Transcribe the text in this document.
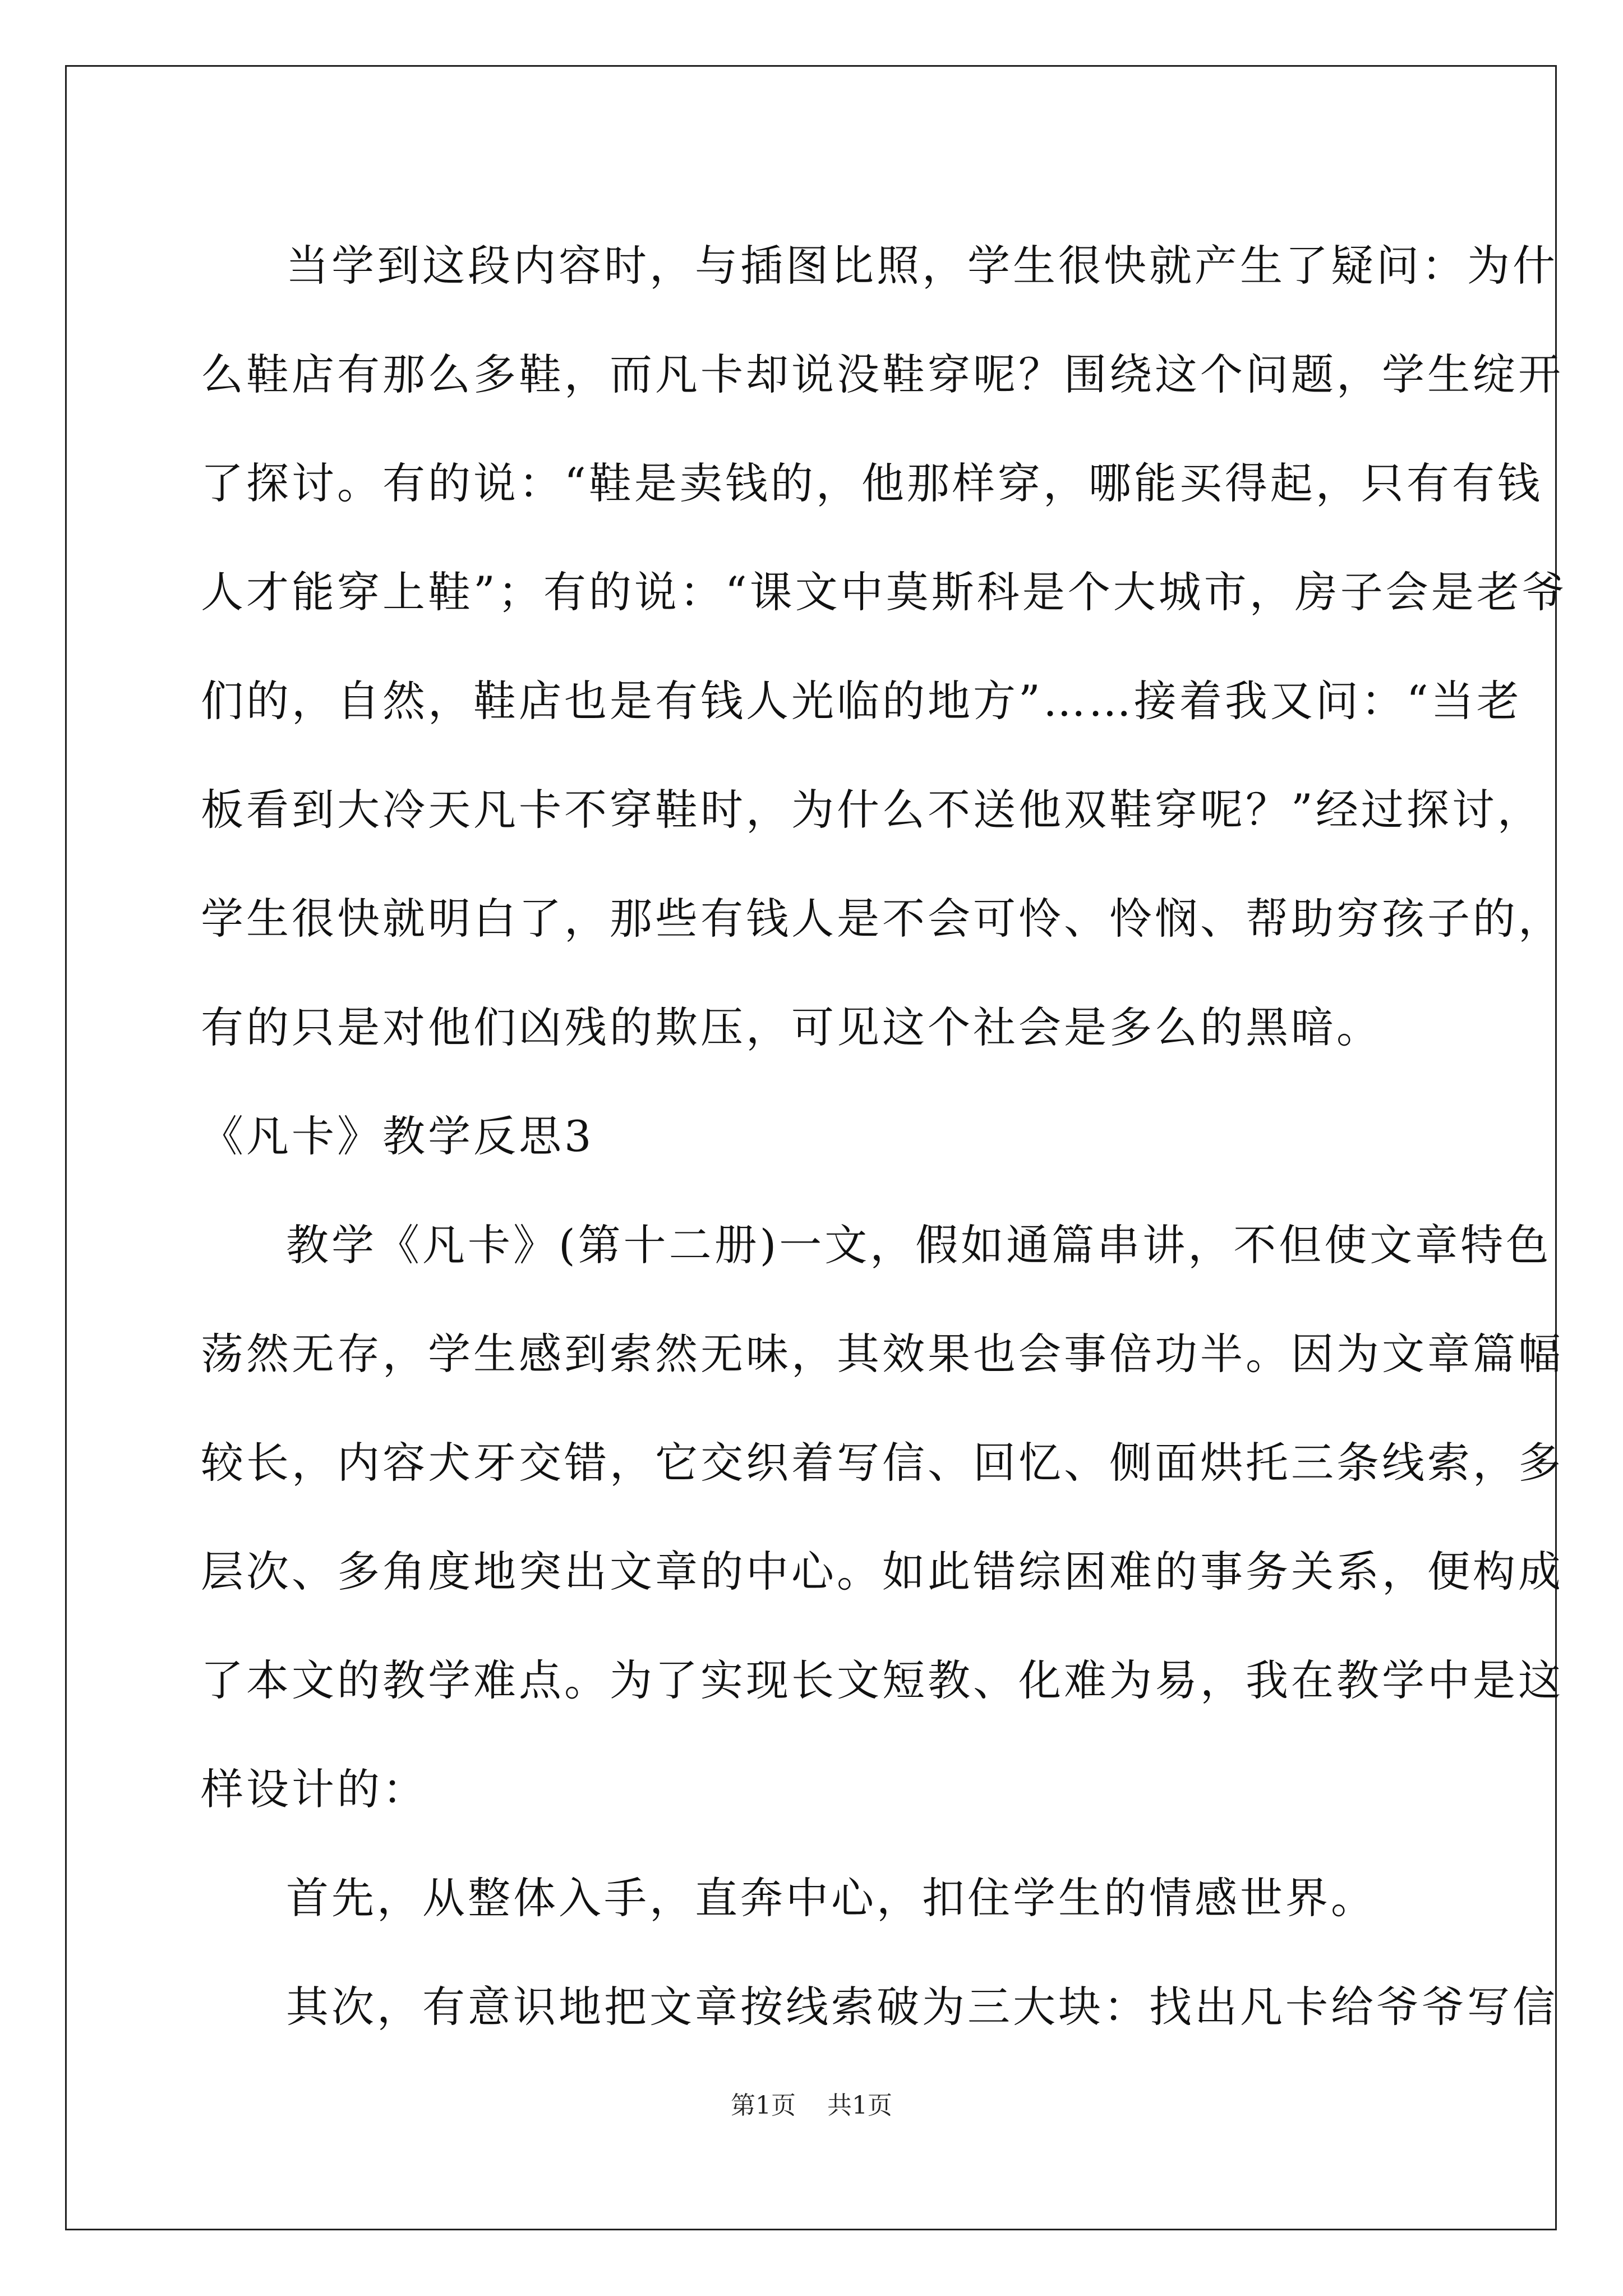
当学到这段内容时，与插图比照，学生很快就产生了疑问：为什
么鞋店有那么多鞋，而凡卡却说没鞋穿呢？围绕这个问题，学生绽开
了探讨。有的说：“鞋是卖钱的，他那样穿，哪能买得起，只有有钱
人才能穿上鞋”；有的说：“课文中莫斯科是个大城市，房子会是老爷
们的，自然，鞋店也是有钱人光临的地方”……接着我又问：“当老
板看到大冷天凡卡不穿鞋时，为什么不送他双鞋穿呢？”经过探讨，
学生很快就明白了，那些有钱人是不会可怜、怜悯、帮助穷孩子的，
有的只是对他们凶残的欺压，可见这个社会是多么的黑暗。
《凡卡》教学反思3
教学《凡卡》(第十二册)一文，假如通篇串讲，不但使文章特色
荡然无存，学生感到索然无味，其效果也会事倍功半。因为文章篇幅
较长，内容犬牙交错，它交织着写信、回忆、侧面烘托三条线索，多
层次、多角度地突出文章的中心。如此错综困难的事务关系，便构成
了本文的教学难点。为了实现长文短教、化难为易，我在教学中是这
样设计的：
首先，从整体入手，直奔中心，扣住学生的情感世界。
其次，有意识地把文章按线索破为三大块：找出凡卡给爷爷写信
第1页 共1页
